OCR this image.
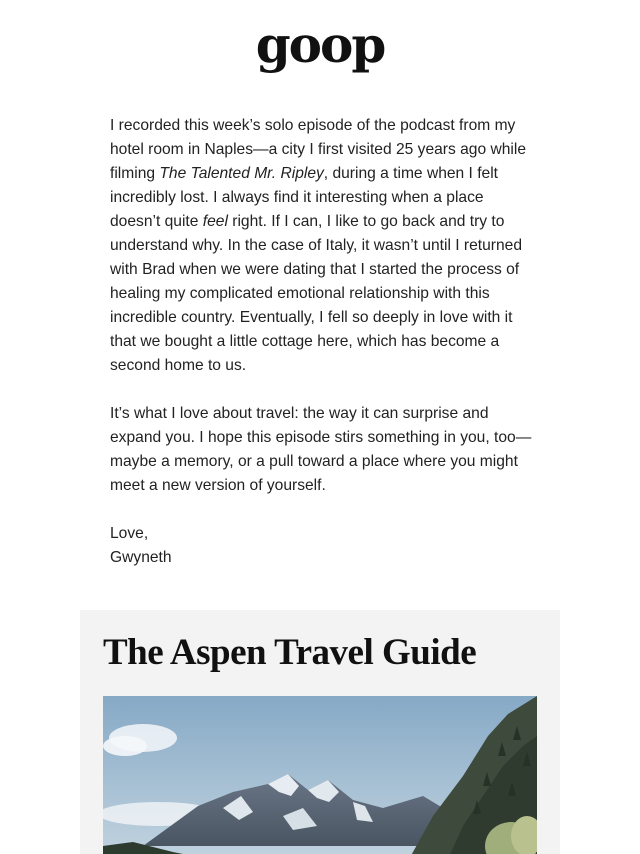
goop

I recorded this week’s solo episode of the podcast from my hotel room in Naples—a city I first visited 25 years ago while filming The Talented Mr. Ripley, during a time when I felt incredibly lost. I always find it interesting when a place doesn’t quite feel right. If I can, I like to go back and try to understand why. In the case of Italy, it wasn’t until I returned with Brad when we were dating that I started the process of healing my complicated emotional relationship with this incredible country. Eventually, I fell so deeply in love with it that we bought a little cottage here, which has become a second home to us.

It’s what I love about travel: the way it can surprise and expand you. I hope this episode stirs something in you, too—maybe a memory, or a pull toward a place where you might meet a new version of yourself.

Love,

Gwyneth

The Aspen Travel Guide
